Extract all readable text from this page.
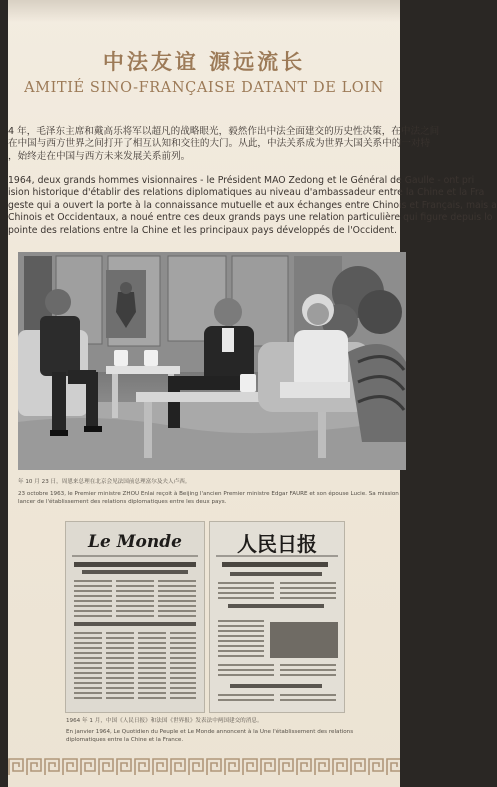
中法友谊 源远流长
AMITIÉ SINO-FRANÇAISE DATANT DE LOIN
4 年，毛泽东主席和戴高乐将军以超凡的战略眼光，毅然作出中法全面建交的历史性决策，在中法之间
在中国与西方世界之间打开了相互认知和交往的大门。从此，中法关系成为世界大国关系中的一对特
，始终走在中国与西方未来发展关系前列。
1964, deux grands hommes visionnaires - le Président MAO Zedong et le Général de Gaulle - ont pri
ision historique d'établir des relations diplomatiques au niveau d'ambassadeur entre la Chine et la Fra
geste qui a ouvert la porte à la connaissance mutuelle et aux échanges entre Chinois et Français, mais a
Chinois et Occidentaux, a noué entre ces deux grands pays une relation particulière qui figure depuis lo
pointe des relations entre la Chine et les principaux pays développés de l'Occident.
年 10 月 23 日，周恩来总理在北京会见法国前总理富尔及夫人卢西。
23 octobre 1963, le Premier ministre ZHOU Enlai reçoit à Beijing l'ancien Premier ministre Edgar FAURE et son épouse Lucie. Sa mission
lancer de l'établissement des relations diplomatiques entre les deux pays.
Le Monde	人民日报
1964 年 1 月，中国《人民日报》和法国《世界报》发表法中两国建交的消息。
En janvier 1964, Le Quotidien du Peuple et Le Monde annoncent à la Une l'établissement des relations
diplomatiques entre la Chine et la France.
